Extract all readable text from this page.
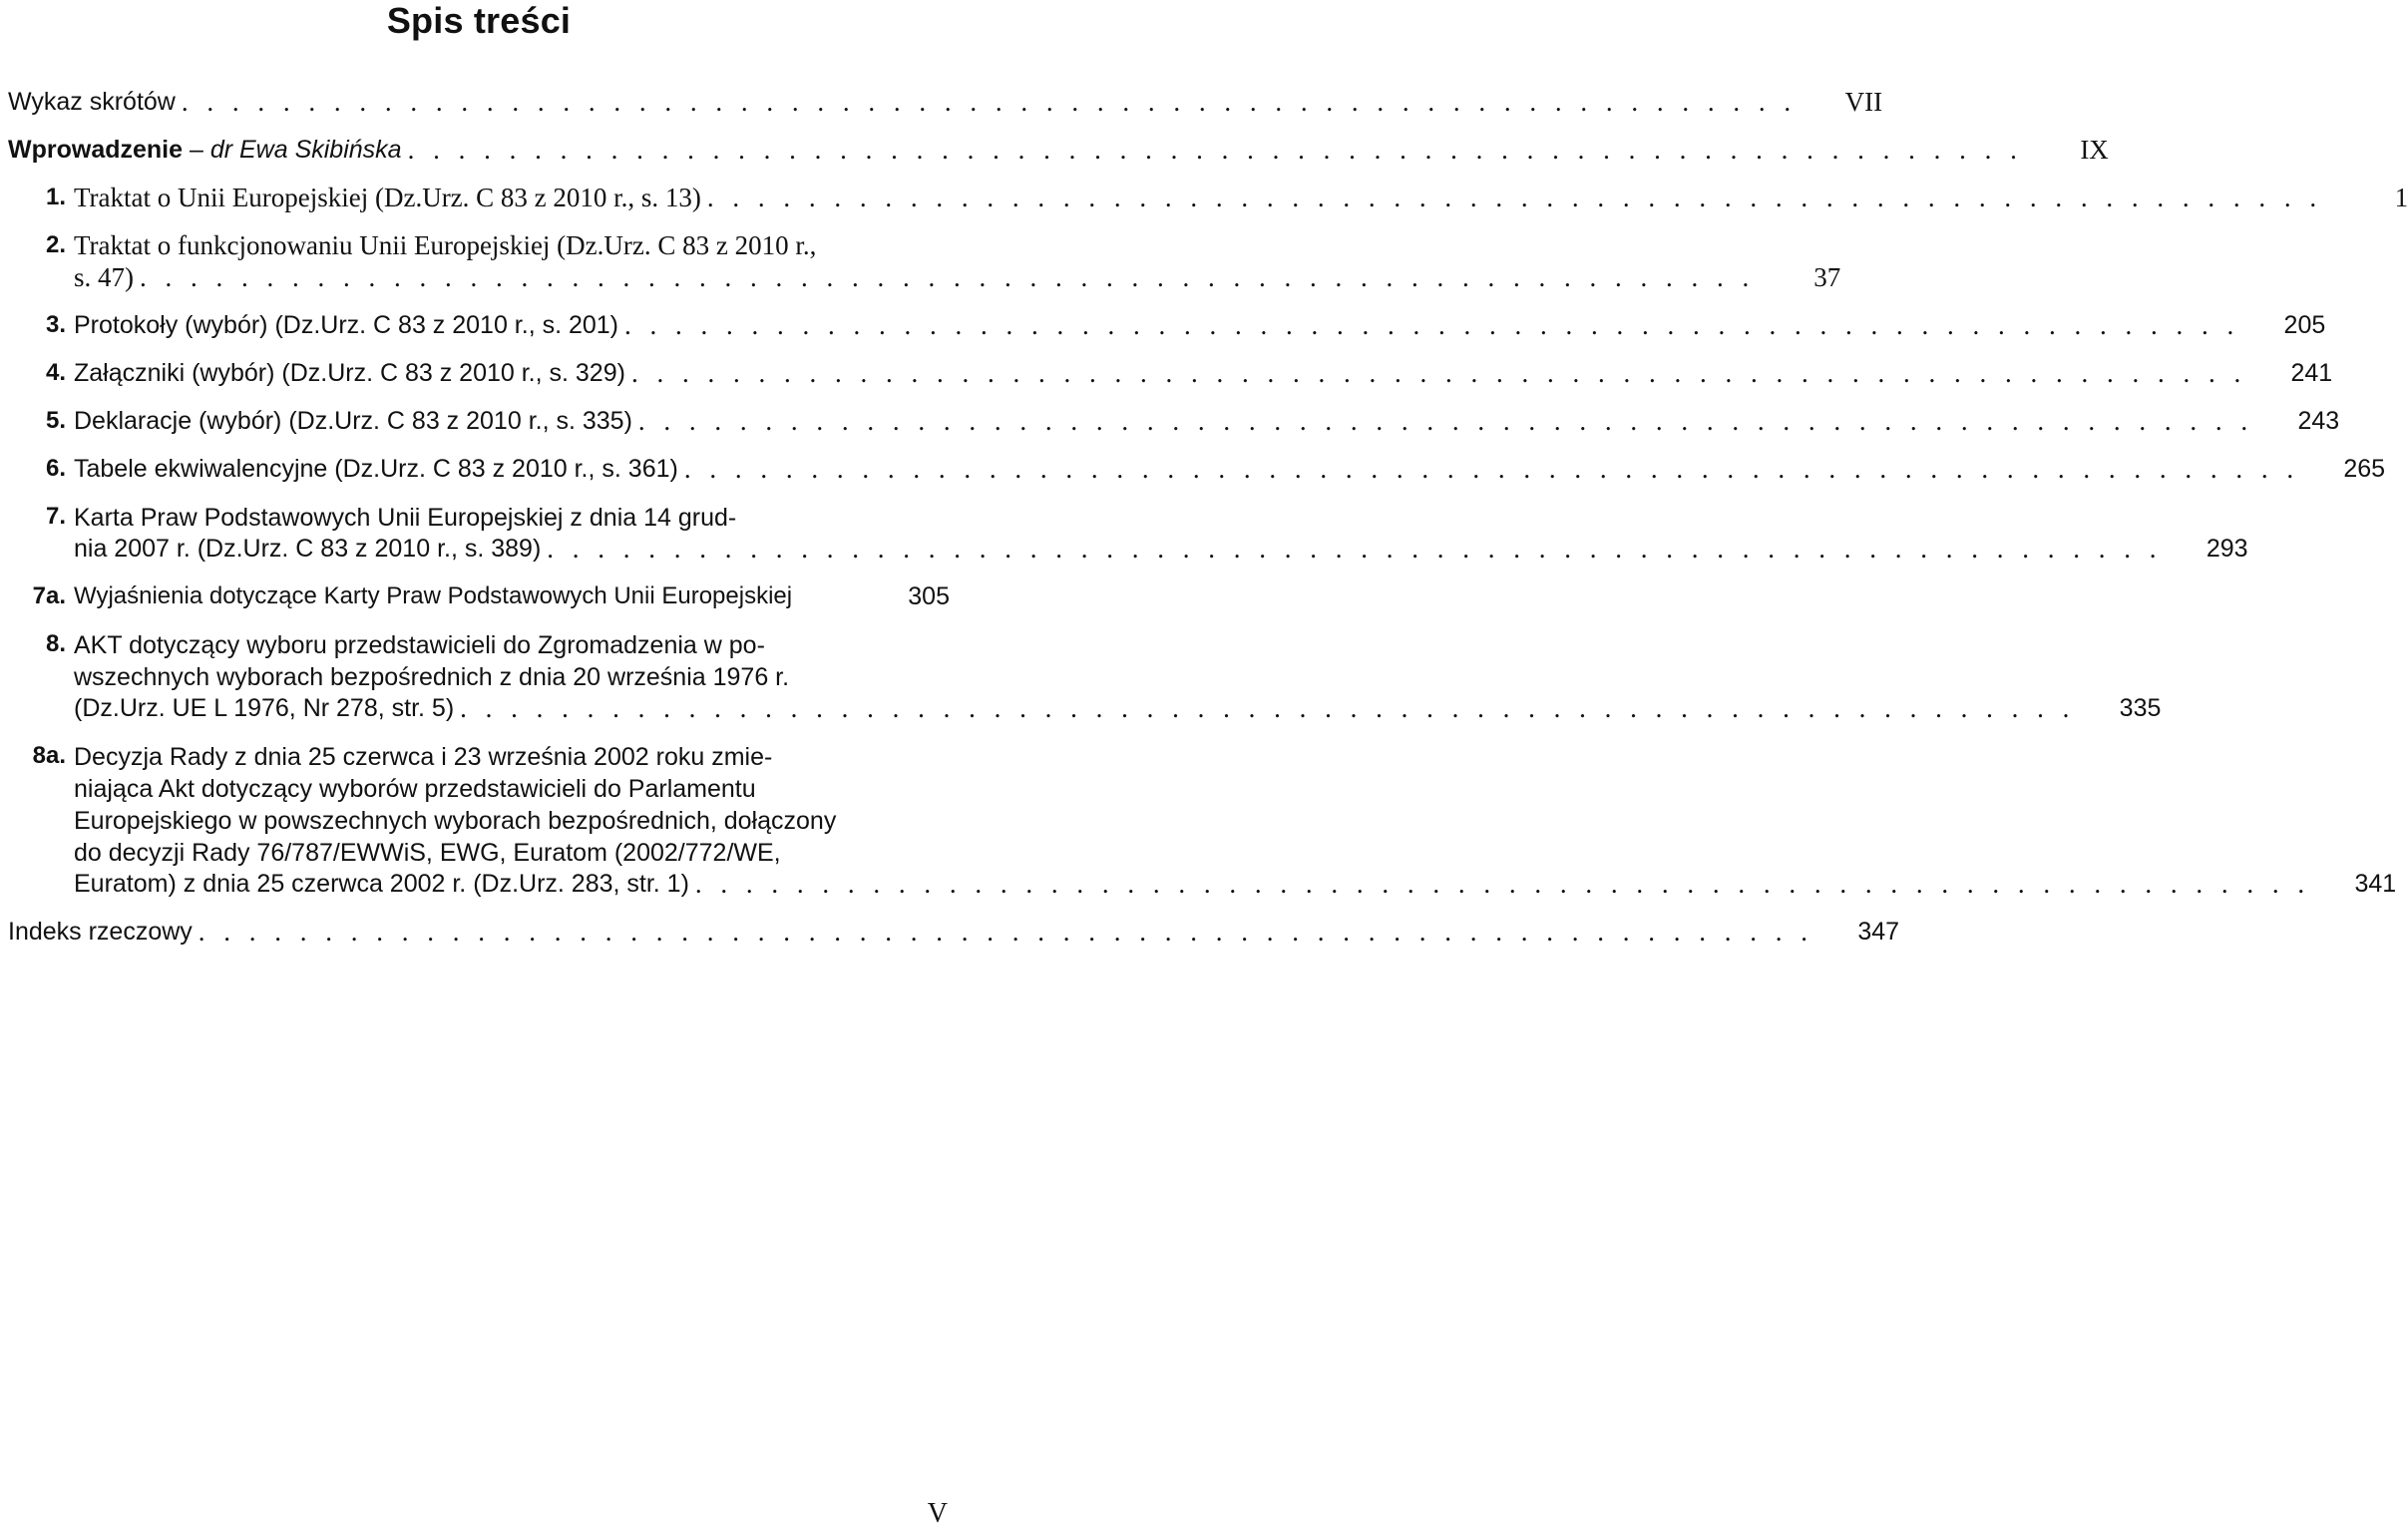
Spis treści
Wykaz skrótów . . . . . . . . . . . . . . . . . . . . . . . . . . . . . . . . . . . . . . . . . . . . . . . . . . . . . . . . . . . . . . . .	VII
Wprowadzenie – dr Ewa Skibińska . . . . . . . . . . . . . . . . . . . . . . . . . . . . . . . . . . . . . . . . . . . . . . . . . . . . . . . . . . . . . . . .	IX
1. Traktat o Unii Europejskiej (Dz.Urz. C 83 z 2010 r., s. 13) . . . . . . . . . . . . . . . . . . . . . . . . . . . . . . . . . . . . . . . . . . . . . . . . . . . . . . . . . . . . . . . .	1
2. Traktat o funkcjonowaniu Unii Europejskiej (Dz.Urz. C 83 z 2010 r.,
s. 47) . . . . . . . . . . . . . . . . . . . . . . . . . . . . . . . . . . . . . . . . . . . . . . . . . . . . . . . . . . . . . . . .	37
3. Protokoły (wybór) (Dz.Urz. C 83 z 2010 r., s. 201) . . . . . . . . . . . . . . . . . . . . . . . . . . . . . . . . . . . . . . . . . . . . . . . . . . . . . . . . . . . . . . . .	205
4. Załączniki (wybór) (Dz.Urz. C 83 z 2010 r., s. 329) . . . . . . . . . . . . . . . . . . . . . . . . . . . . . . . . . . . . . . . . . . . . . . . . . . . . . . . . . . . . . . . .	241
5. Deklaracje (wybór) (Dz.Urz. C 83 z 2010 r., s. 335) . . . . . . . . . . . . . . . . . . . . . . . . . . . . . . . . . . . . . . . . . . . . . . . . . . . . . . . . . . . . . . . .	243
6. Tabele ekwiwalencyjne (Dz.Urz. C 83 z 2010 r., s. 361) . . . . . . . . . . . . . . . . . . . . . . . . . . . . . . . . . . . . . . . . . . . . . . . . . . . . . . . . . . . . . . . .	265
7. Karta Praw Podstawowych Unii Europejskiej z dnia 14 grud-
nia 2007 r. (Dz.Urz. C 83 z 2010 r., s. 389) . . . . . . . . . . . . . . . . . . . . . . . . . . . . . . . . . . . . . . . . . . . . . . . . . . . . . . . . . . . . . . . .	293
7a. Wyjaśnienia dotyczące Karty Praw Podstawowych Unii Europejskiej	305
8. AKT dotyczący wyboru przedstawicieli do Zgromadzenia w po-
wszechnych wyborach bezpośrednich z dnia 20 września 1976 r.
(Dz.Urz. UE L 1976, Nr 278, str. 5) . . . . . . . . . . . . . . . . . . . . . . . . . . . . . . . . . . . . . . . . . . . . . . . . . . . . . . . . . . . . . . . .	335
8a. Decyzja Rady z dnia 25 czerwca i 23 września 2002 roku zmie-
niająca Akt dotyczący wyborów przedstawicieli do Parlamentu
Europejskiego w powszechnych wyborach bezpośrednich, dołączony
do decyzji Rady 76/787/EWWiS, EWG, Euratom (2002/772/WE,
Euratom) z dnia 25 czerwca 2002 r. (Dz.Urz. 283, str. 1) . . . . . . . . . . . . . . . . . . . . . . . . . . . . . . . . . . . . . . . . . . . . . . . . . . . . . . . . . . . . . . . .	341
Indeks rzeczowy . . . . . . . . . . . . . . . . . . . . . . . . . . . . . . . . . . . . . . . . . . . . . . . . . . . . . . . . . . . . . . . .	347
V
